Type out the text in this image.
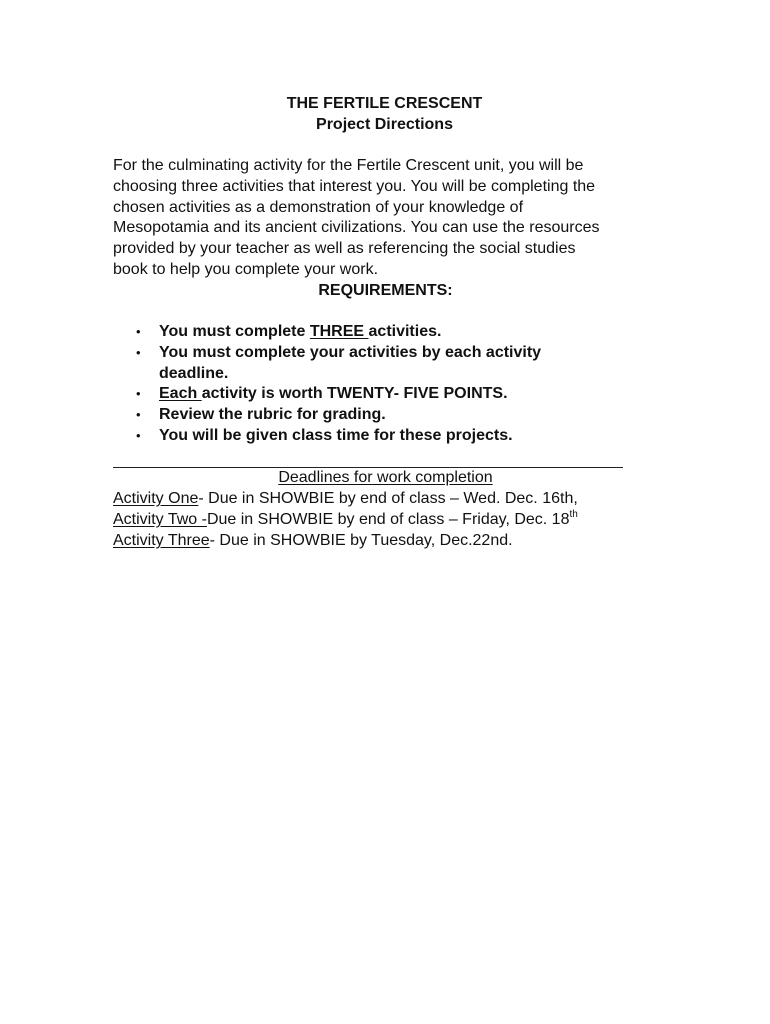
THE FERTILE CRESCENT
Project Directions
For the culminating activity for the Fertile Crescent unit, you will be
choosing three activities that interest you. You will be completing the
chosen activities as a demonstration of your knowledge of
Mesopotamia and its ancient civilizations. You can use the resources
provided by your teacher as well as referencing the social studies
book to help you complete your work.
REQUIREMENTS:
• You must complete THREE activities.
• You must complete your activities by each activity
deadline.
• Each activity is worth TWENTY- FIVE POINTS.
• Review the rubric for grading.
• You will be given class time for these projects.
Deadlines for work completion
Activity One- Due in SHOWBIE by end of class – Wed. Dec. 16th,
Activity Two -Due in SHOWBIE by end of class – Friday, Dec. 18th
Activity Three- Due in SHOWBIE by Tuesday, Dec.22nd.
